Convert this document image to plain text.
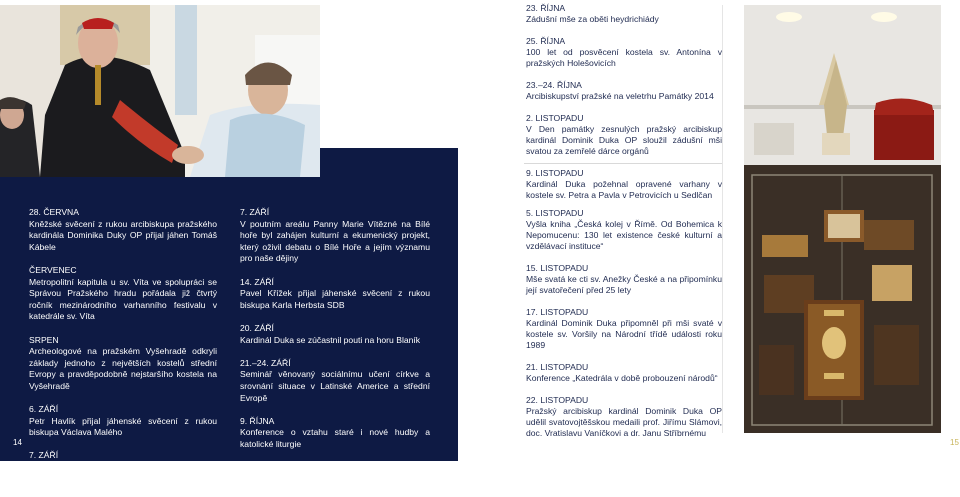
28. ČERVNA
Kněžské svěcení z rukou arcibiskupa pražského kardinála Dominika Duky OP přijal jáhen Tomáš Kábele
ČERVENEC
Metropolitní kapitula u sv. Víta ve spolupráci se Správou Pražského hradu pořádala již čtvrtý ročník mezinárodního varhanního festivalu v katedrále sv. Víta
SRPEN
Archeologové na pražském Vyšehradě odkryli základy jednoho z největších kostelů střední Evropy a pravděpodobně nejstaršího kostela na Vyšehradě
6. ZÁŘÍ
Petr Havlík přijal jáhenské svěcení z rukou biskupa Václava Malého
7. ZÁŘÍ
Alois Zoubek přijal jáhenské svěcení z rukou biskupa Karla Herbsta SDB
7. ZÁŘÍ
V poutním areálu Panny Marie Vítězné na Bílé hoře byl zahájen kulturní a ekumenický projekt, který oživil debatu o Bílé Hoře a jejím významu pro naše dějiny
14. ZÁŘÍ
Pavel Křížek přijal jáhenské svěcení z rukou biskupa Karla Herbsta SDB
20. ZÁŘÍ
Kardinál Duka se zúčastnil pouti na horu Blaník
21.–24. ZÁŘÍ
Seminář věnovaný sociálnímu učení církve a srovnání situace v Latinské Americe a střední Evropě
9. ŘÍJNA
Konference o vztahu staré i nové hudby a katolické liturgie
14
23. ŘÍJNA
Zádušní mše za oběti heydrichiády
25. ŘÍJNA
100 let od posvěcení kostela sv. Antonína v pražských Holešovicích
23.–24. ŘÍJNA
Arcibiskupství pražské na veletrhu Památky 2014
2. LISTOPADU
V Den památky zesnulých pražský arcibiskup kardinál Dominik Duka OP sloužil zádušní mši svatou za zemřelé dárce orgánů
9. LISTOPADU
Kardinál Duka požehnal opravené varhany v kostele sv. Petra a Pavla v Petrovicích u Sedlčan
5. LISTOPADU
Vyšla kniha „Česká kolej v Římě. Od Bohemica k Nepomucenu: 130 let existence české kulturní a vzdělávací instituce“
15. LISTOPADU
Mše svatá ke cti sv. Anežky České a na připomínku její svatořečení před 25 lety
17. LISTOPADU
Kardinál Dominik Duka připomněl při mši svaté v kostele sv. Voršily na Národní třídě události roku 1989
21. LISTOPADU
Konference „Katedrála v době probouzení národů“
22. LISTOPADU
Pražský arcibiskup kardinál Dominik Duka OP udělil svatovojtěšskou medaili prof. Jiřímu Slámovi, doc. Vratislavu Vaníčkovi a dr. Janu Stříbrnému
15
